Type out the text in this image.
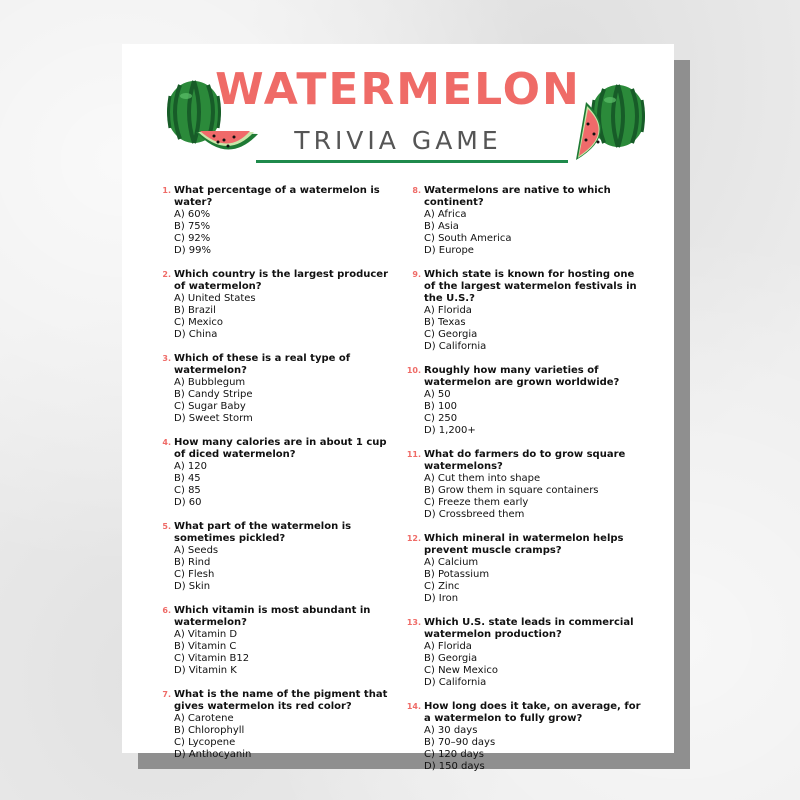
WATERMELON
TRIVIA GAME
1. What percentage of a watermelon is water?
A) 60%
B) 75%
C) 92%
D) 99%
2. Which country is the largest producer of watermelon?
A) United States
B) Brazil
C) Mexico
D) China
3. Which of these is a real type of watermelon?
A) Bubblegum
B) Candy Stripe
C) Sugar Baby
D) Sweet Storm
4. How many calories are in about 1 cup of diced watermelon?
A) 120
B) 45
C) 85
D) 60
5. What part of the watermelon is sometimes pickled?
A) Seeds
B) Rind
C) Flesh
D) Skin
6. Which vitamin is most abundant in watermelon?
A) Vitamin D
B) Vitamin C
C) Vitamin B12
D) Vitamin K
7. What is the name of the pigment that gives watermelon its red color?
A) Carotene
B) Chlorophyll
C) Lycopene
D) Anthocyanin
8. Watermelons are native to which continent?
A) Africa
B) Asia
C) South America
D) Europe
9. Which state is known for hosting one of the largest watermelon festivals in the U.S.?
A) Florida
B) Texas
C) Georgia
D) California
10. Roughly how many varieties of watermelon are grown worldwide?
A) 50
B) 100
C) 250
D) 1,200+
11. What do farmers do to grow square watermelons?
A) Cut them into shape
B) Grow them in square containers
C) Freeze them early
D) Crossbreed them
12. Which mineral in watermelon helps prevent muscle cramps?
A) Calcium
B) Potassium
C) Zinc
D) Iron
13. Which U.S. state leads in commercial watermelon production?
A) Florida
B) Georgia
C) New Mexico
D) California
14. How long does it take, on average, for a watermelon to fully grow?
A) 30 days
B) 70–90 days
C) 120 days
D) 150 days
